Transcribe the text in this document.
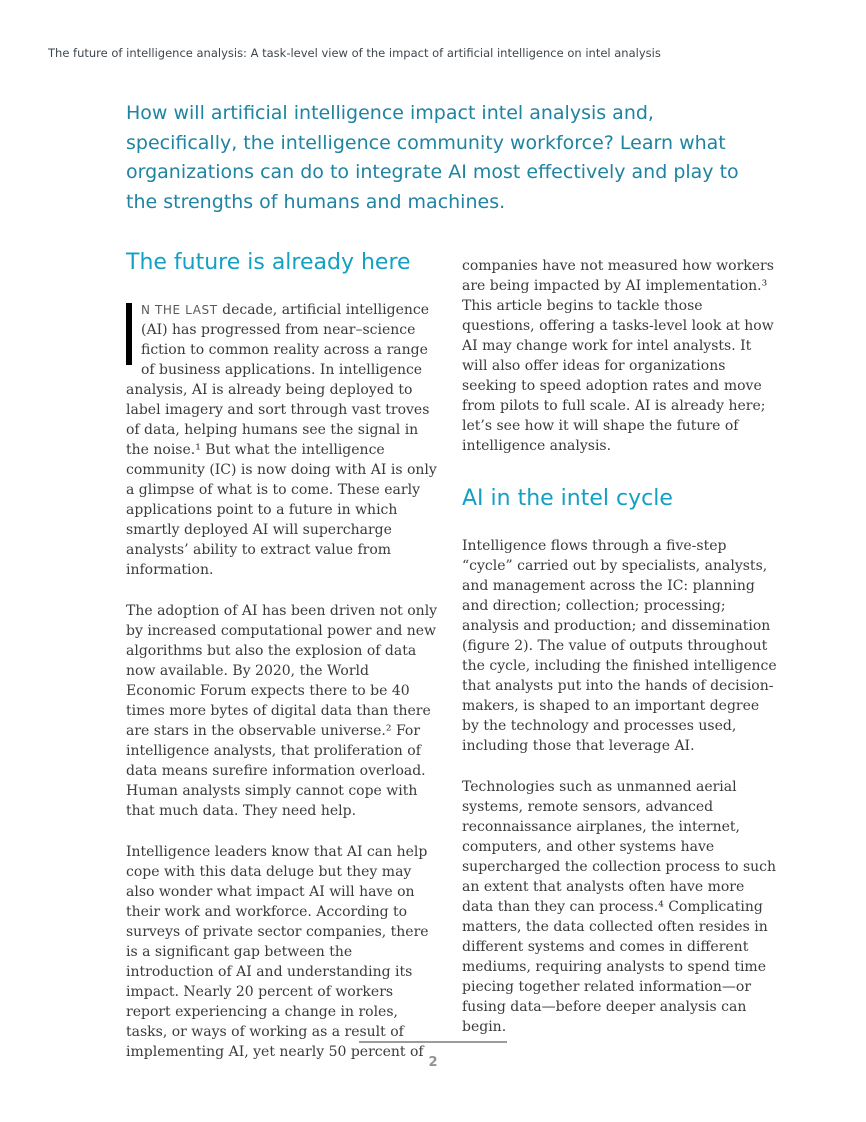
The future of intelligence analysis: A task-level view of the impact of artificial intelligence on intel analysis

How will artificial intelligence impact intel analysis and, specifically, the intelligence community workforce? Learn what organizations can do to integrate AI most effectively and play to the strengths of humans and machines.

The future is already here

N THE LAST decade, artificial intelligence (AI) has progressed from near–science fiction to common reality across a range of business applications. In intelligence analysis, AI is already being deployed to label imagery and sort through vast troves of data, helping humans see the signal in the noise.¹ But what the intelligence community (IC) is now doing with AI is only a glimpse of what is to come. These early applications point to a future in which smartly deployed AI will supercharge analysts’ ability to extract value from information.

The adoption of AI has been driven not only by increased computational power and new algorithms but also the explosion of data now available. By 2020, the World Economic Forum expects there to be 40 times more bytes of digital data than there are stars in the observable universe.² For intelligence analysts, that proliferation of data means surefire information overload. Human analysts simply cannot cope with that much data. They need help.

Intelligence leaders know that AI can help cope with this data deluge but they may also wonder what impact AI will have on their work and workforce. According to surveys of private sector companies, there is a significant gap between the introduction of AI and understanding its impact. Nearly 20 percent of workers report experiencing a change in roles, tasks, or ways of working as a result of implementing AI, yet nearly 50 percent of

companies have not measured how workers are being impacted by AI implementation.³ This article begins to tackle those questions, offering a tasks-level look at how AI may change work for intel analysts. It will also offer ideas for organizations seeking to speed adoption rates and move from pilots to full scale. AI is already here; let’s see how it will shape the future of intelligence analysis.

AI in the intel cycle

Intelligence flows through a five-step “cycle” carried out by specialists, analysts, and management across the IC: planning and direction; collection; processing; analysis and production; and dissemination (figure 2). The value of outputs throughout the cycle, including the finished intelligence that analysts put into the hands of decision-makers, is shaped to an important degree by the technology and processes used, including those that leverage AI.

Technologies such as unmanned aerial systems, remote sensors, advanced reconnaissance airplanes, the internet, computers, and other systems have supercharged the collection process to such an extent that analysts often have more data than they can process.⁴ Complicating matters, the data collected often resides in different systems and comes in different mediums, requiring analysts to spend time piecing together related information—or fusing data—before deeper analysis can begin.

2
